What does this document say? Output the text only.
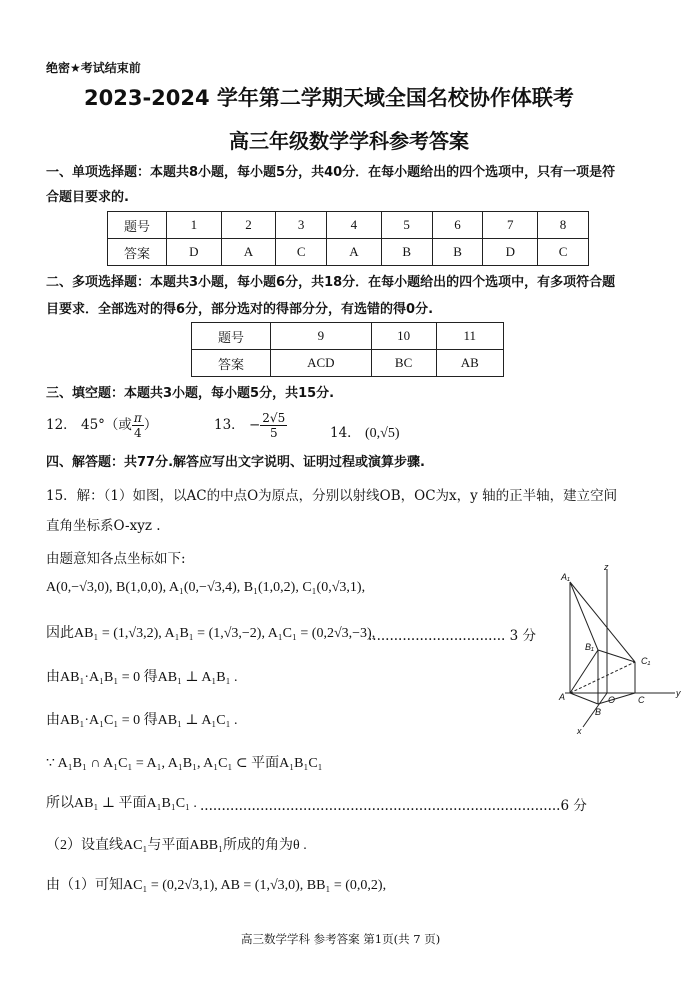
绝密★考试结束前
2023-2024 学年第二学期天域全国名校协作体联考
高三年级数学学科参考答案
一、单项选择题：本题共8小题，每小题5分，共40分．在每小题给出的四个选项中，只有一项是符
合题目要求的.
题号	1	2	3	4	5	6	7	8
答案	D	A	C	A	B	B	D	C
二、多项选择题：本题共3小题，每小题6分，共18分．在每小题给出的四个选项中，有多项符合题
目要求．全部选对的得6分，部分选对的得部分分，有选错的得0分.
题号	9	10	11
答案	ACD	BC	AB
三、填空题：本题共3小题，每小题5分，共15分.
12． 45°（或 $\frac{\pi}{4}$ ）	13． − $\frac{2√5}{5}$	14． (0,√5)
四、解答题：共77分.解答应写出文字说明、证明过程或演算步骤.
15．解：（1）如图，以AC的中点O为原点，分别以射线OB，OC为x，y 轴的正半轴，建立空间
直角坐标系O-xyz .
由题意知各点坐标如下:
A(0,−√3,0), B(1,0,0), A₁(0,−√3,4), B₁(1,0,2), C₁(0,√3,1),
因此AB₁ = (1,√3,2), A₁B₁ = (1,√3,−2), A₁C₁ = (0,2√3,−3),
................................ 3 分
由AB₁·A₁B₁ = 0 得AB₁ ⊥ A₁B₁ .
由AB₁·A₁C₁ = 0 得AB₁ ⊥ A₁C₁ .
∵ A₁B₁ ∩ A₁C₁ = A₁, A₁B₁, A₁C₁ ⊂ 平面A₁B₁C₁
所以AB₁ ⊥ 平面A₁B₁C₁ . ....................................................................................6 分
（2）设直线AC₁与平面ABB₁所成的角为θ .
由（1）可知AC₁ = (0,2√3,1), AB = (1,√3,0), BB₁ = (0,0,2),
A₁
B₁
C₁
A	O	C
B
x
y
z
高三数学学科 参考答案 第1页(共 7 页)
